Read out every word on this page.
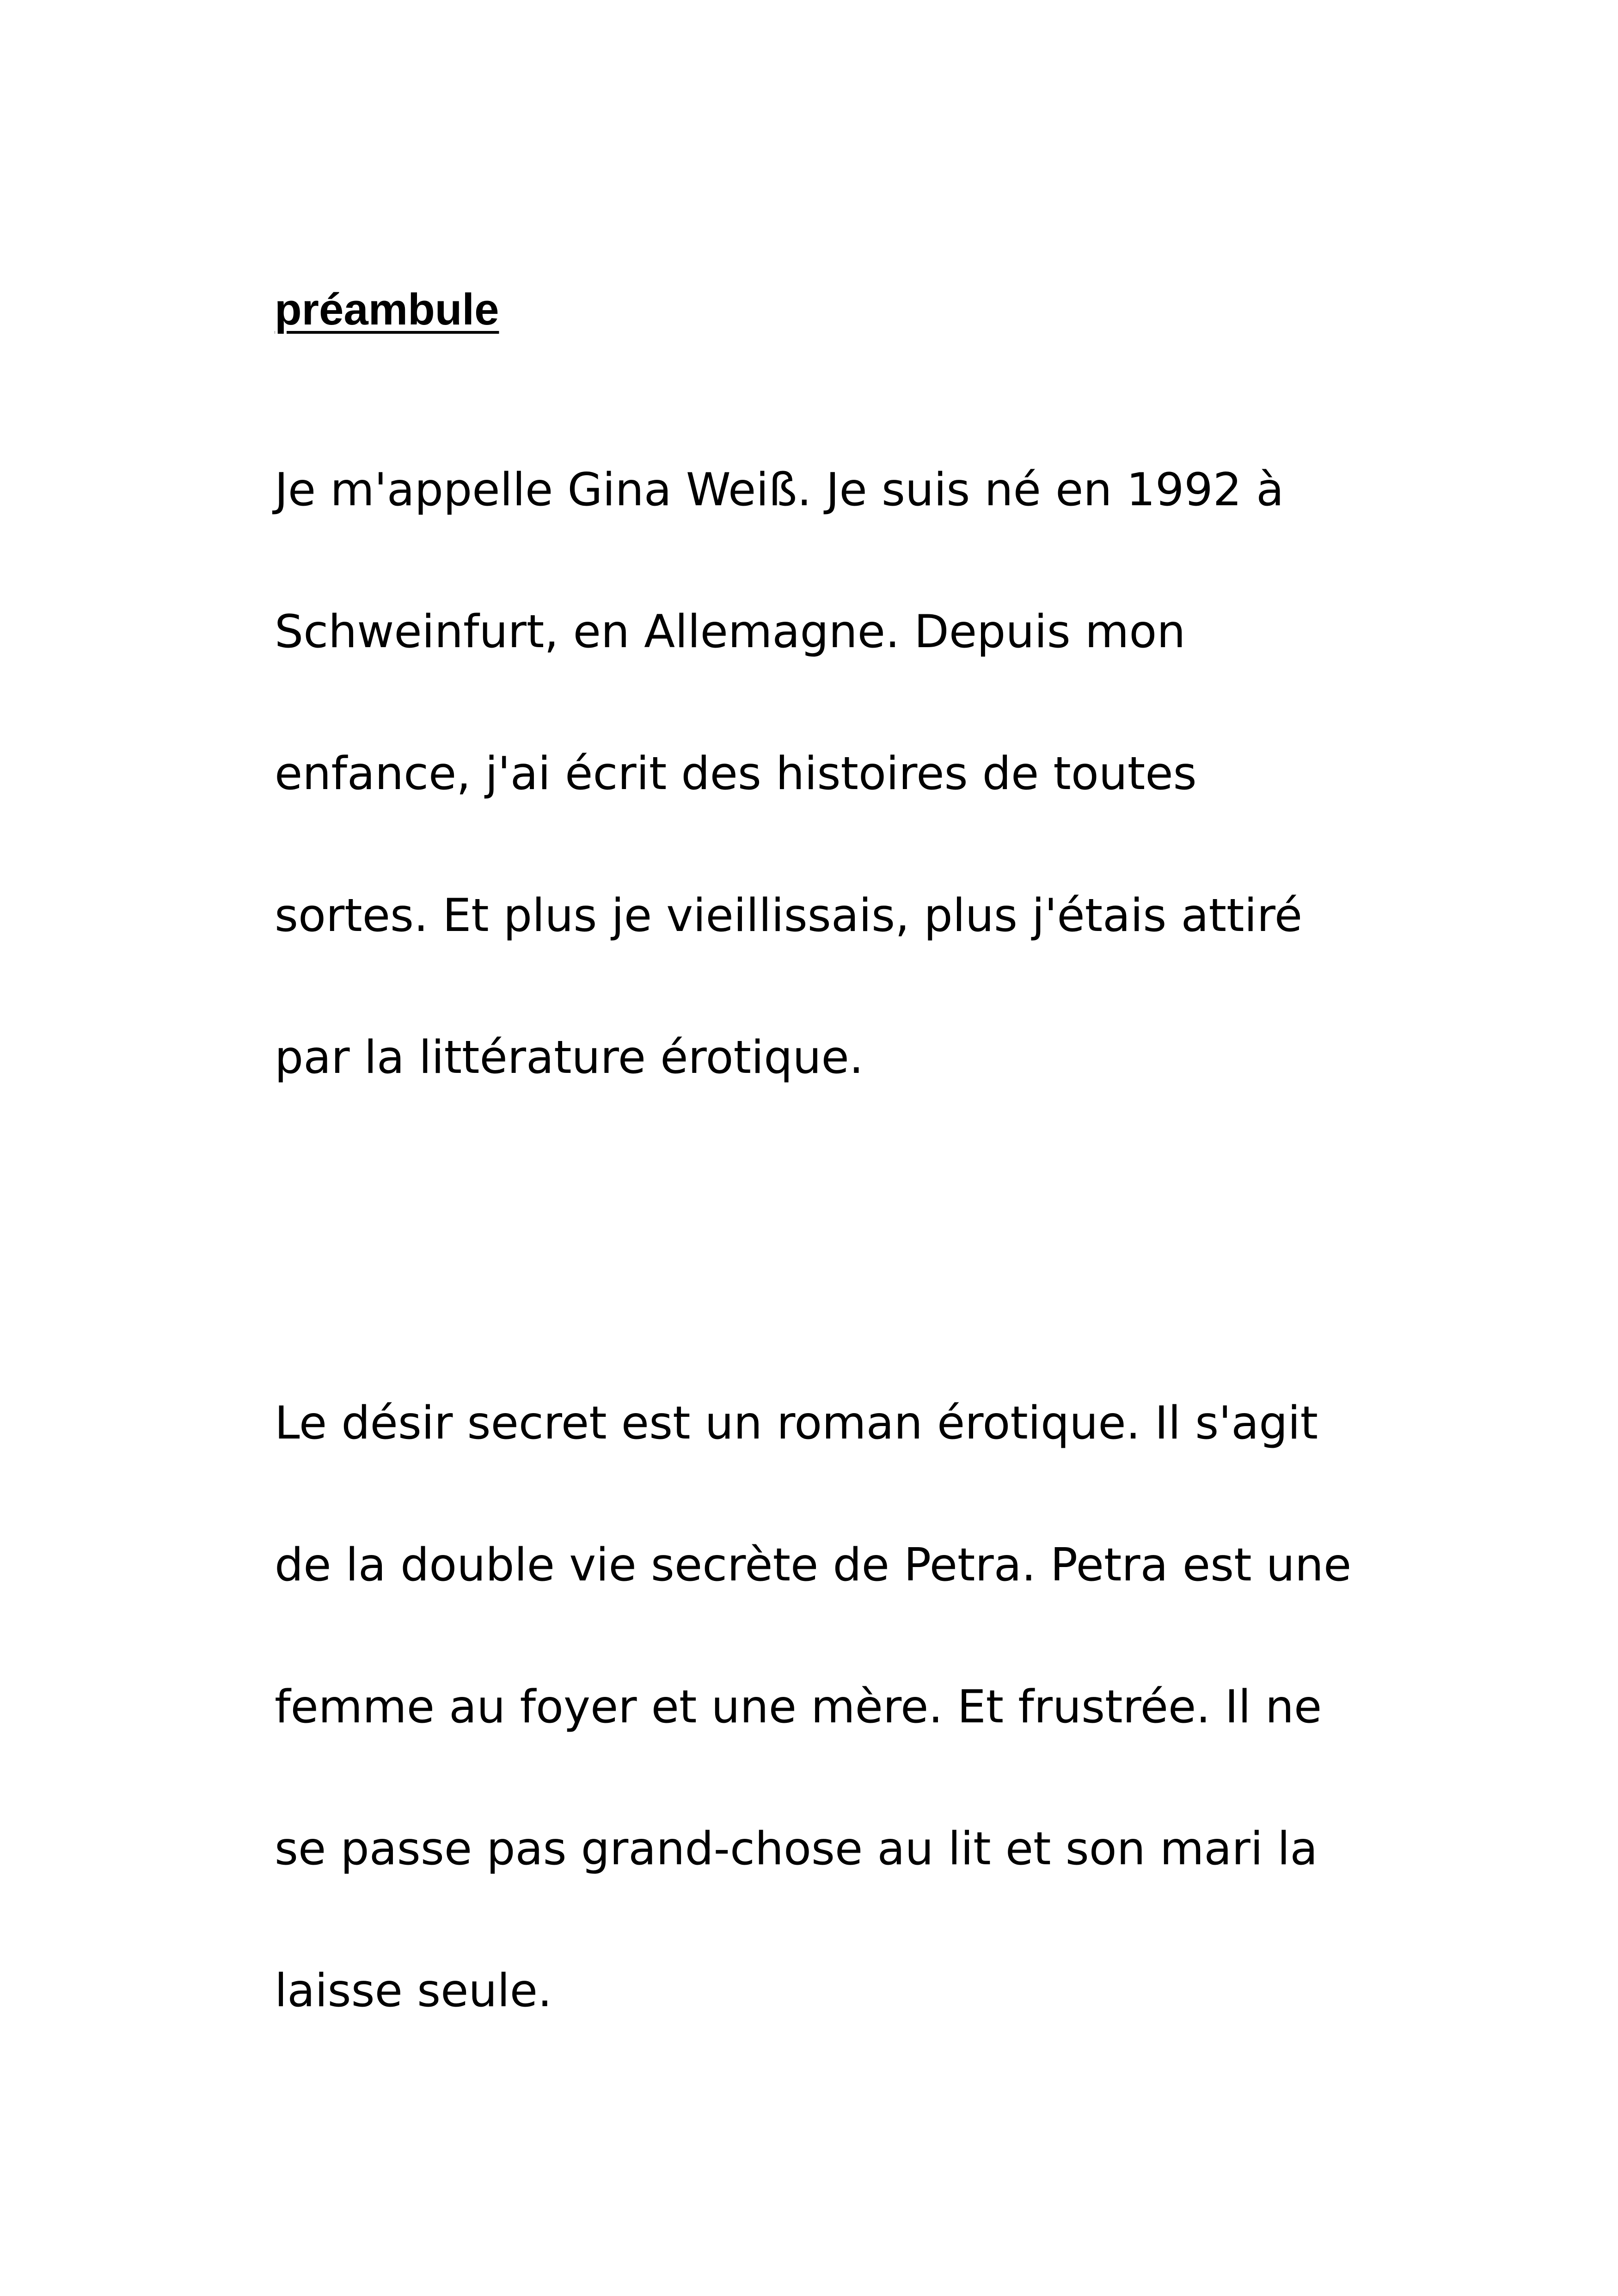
préambule

Je m'appelle Gina Weiß. Je suis né en 1992 à

Schweinfurt, en Allemagne. Depuis mon

enfance, j'ai écrit des histoires de toutes

sortes. Et plus je vieillissais, plus j'étais attiré

par la littérature érotique.

Le désir secret est un roman érotique. Il s'agit

de la double vie secrète de Petra. Petra est une

femme au foyer et une mère. Et frustrée. Il ne

se passe pas grand-chose au lit et son mari la

laisse seule.
